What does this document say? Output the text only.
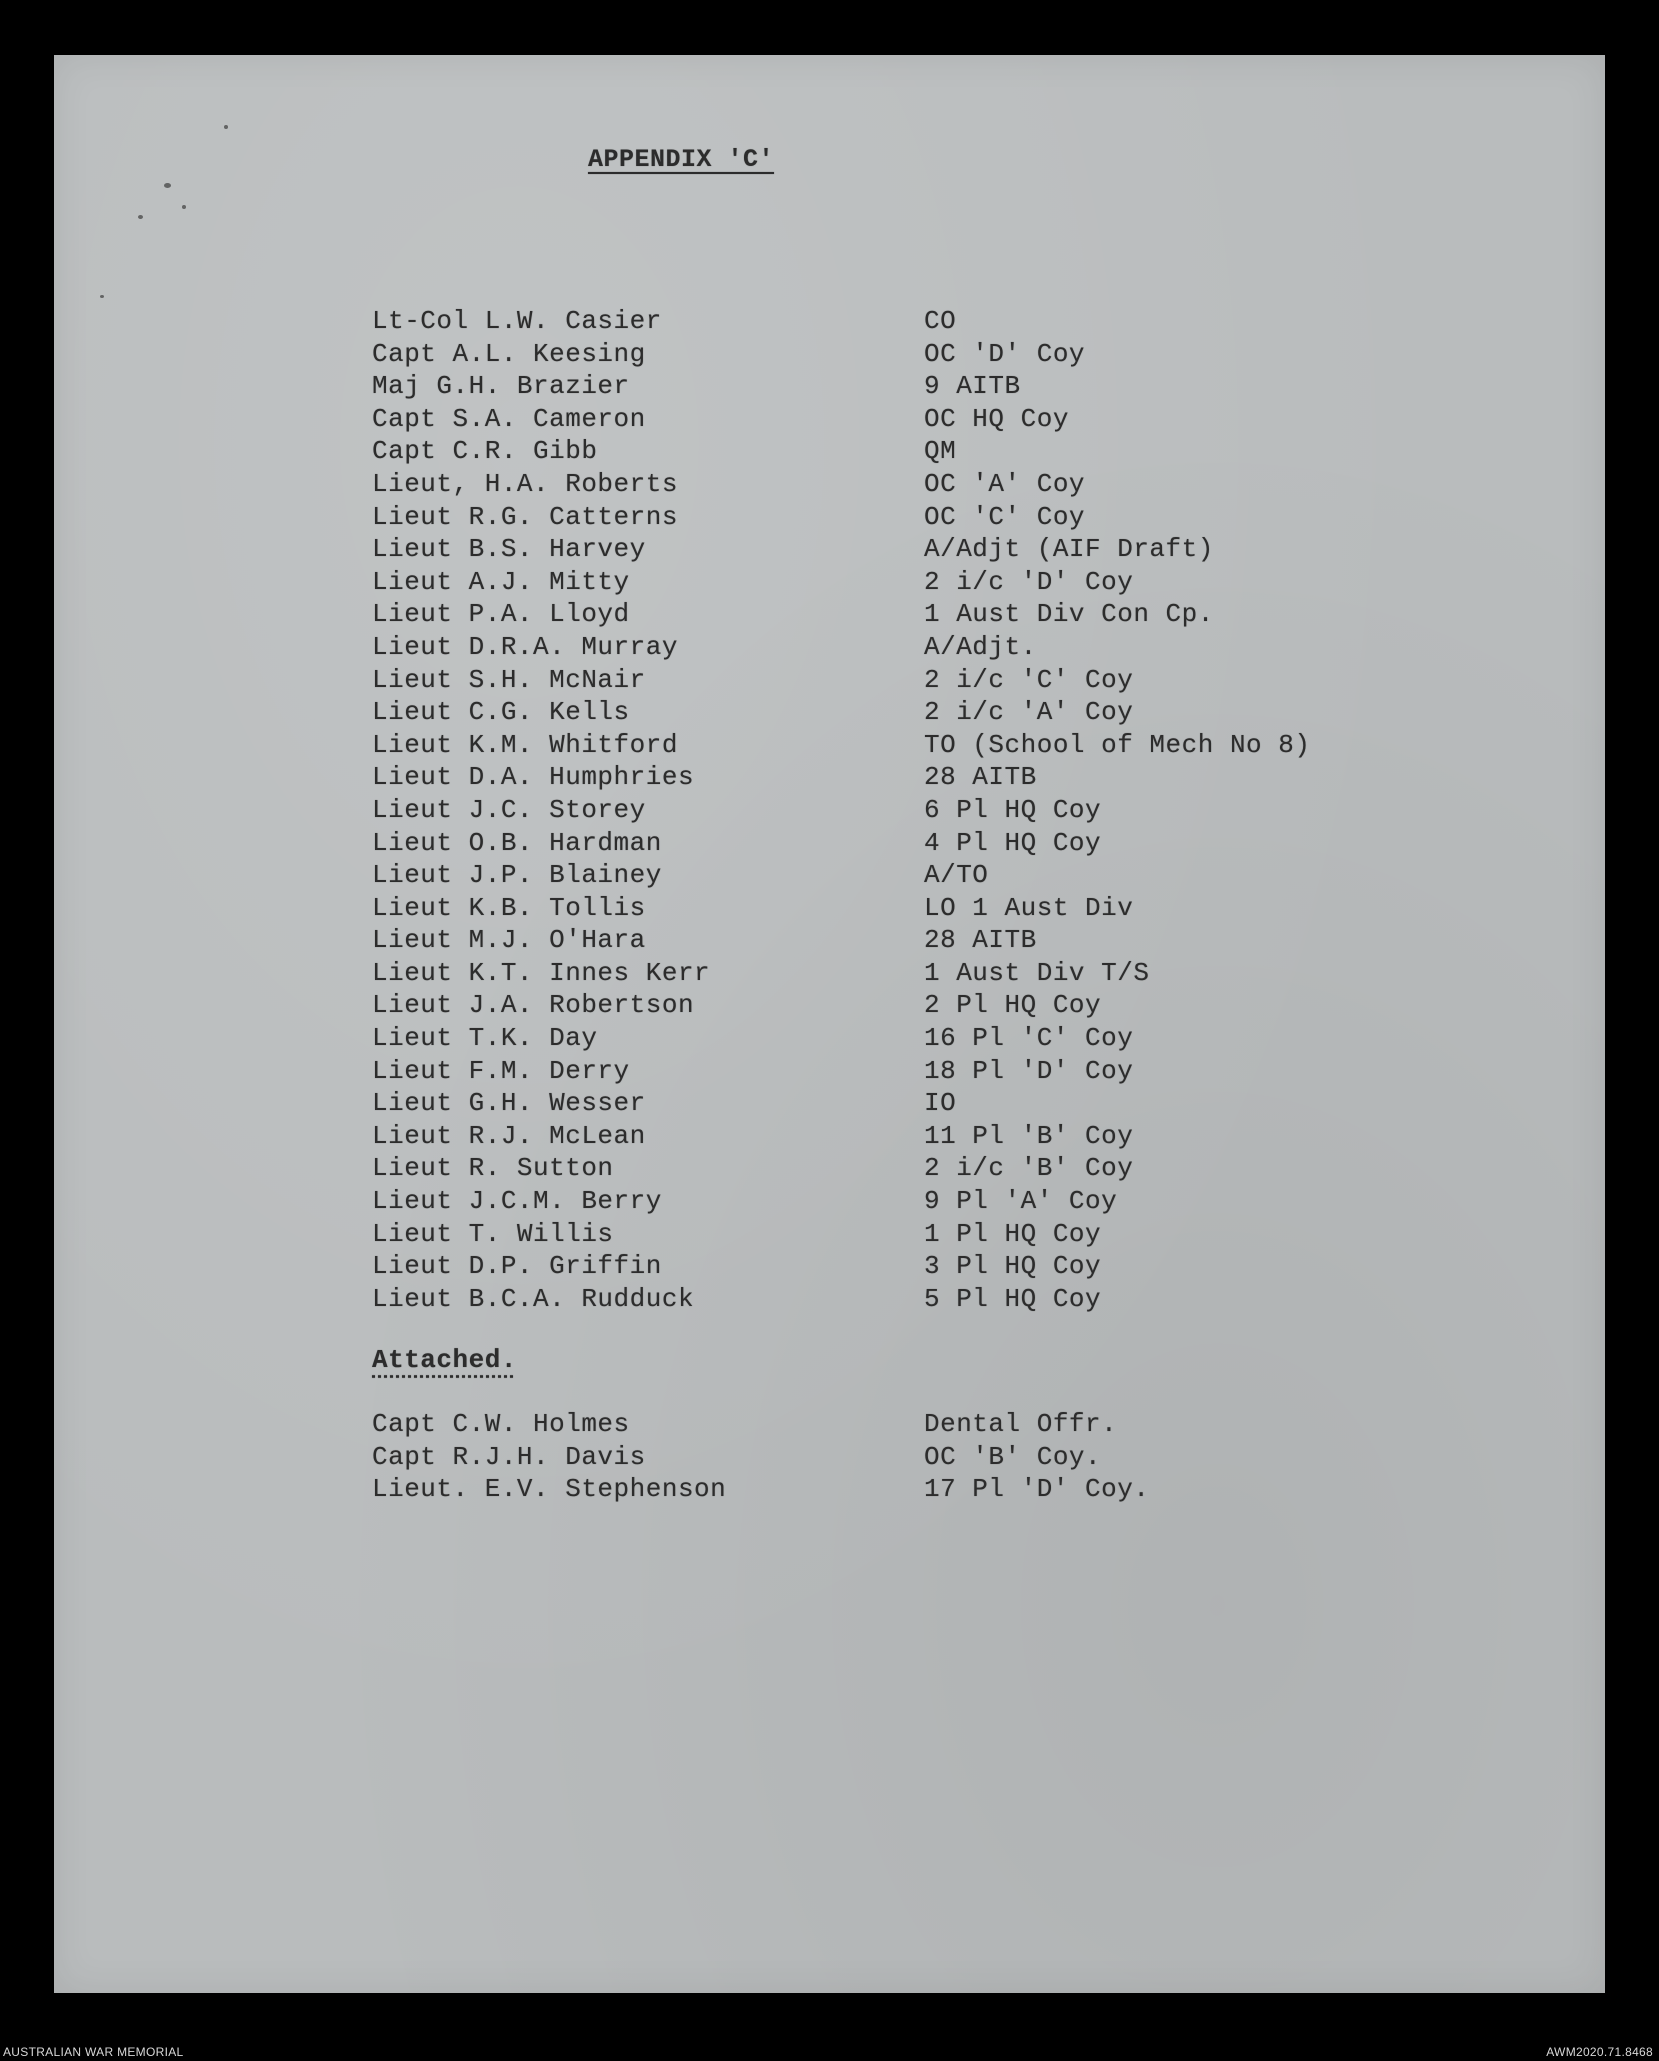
APPENDIX 'C'
Lt-Col L.W. Casier	CO
Capt A.L. Keesing	OC 'D' Coy
Maj G.H. Brazier	9 AITB
Capt S.A. Cameron	OC HQ Coy
Capt C.R. Gibb	QM
Lieut, H.A. Roberts	OC 'A' Coy
Lieut R.G. Catterns	OC 'C' Coy
Lieut B.S. Harvey	A/Adjt (AIF Draft)
Lieut A.J. Mitty	2 i/c 'D' Coy
Lieut P.A. Lloyd	1 Aust Div Con Cp.
Lieut D.R.A. Murray	A/Adjt.
Lieut S.H. McNair	2 i/c 'C' Coy
Lieut C.G. Kells	2 i/c 'A' Coy
Lieut K.M. Whitford	TO (School of Mech No 8)
Lieut D.A. Humphries	28 AITB
Lieut J.C. Storey	6 Pl HQ Coy
Lieut O.B. Hardman	4 Pl HQ Coy
Lieut J.P. Blainey	A/TO
Lieut K.B. Tollis	LO 1 Aust Div
Lieut M.J. O'Hara	28 AITB
Lieut K.T. Innes Kerr	1 Aust Div T/S
Lieut J.A. Robertson	2 Pl HQ Coy
Lieut T.K. Day	16 Pl 'C' Coy
Lieut F.M. Derry	18 Pl 'D' Coy
Lieut G.H. Wesser	IO
Lieut R.J. McLean	11 Pl 'B' Coy
Lieut R. Sutton	2 i/c 'B' Coy
Lieut J.C.M. Berry	9 Pl 'A' Coy
Lieut T. Willis	1 Pl HQ Coy
Lieut D.P. Griffin	3 Pl HQ Coy
Lieut B.C.A. Rudduck	5 Pl HQ Coy
Attached.
Capt C.W. Holmes	Dental Offr.
Capt R.J.H. Davis	OC 'B' Coy.
Lieut. E.V. Stephenson	17 Pl 'D' Coy.
AUSTRALIAN WAR MEMORIAL	AWM2020.71.8468
